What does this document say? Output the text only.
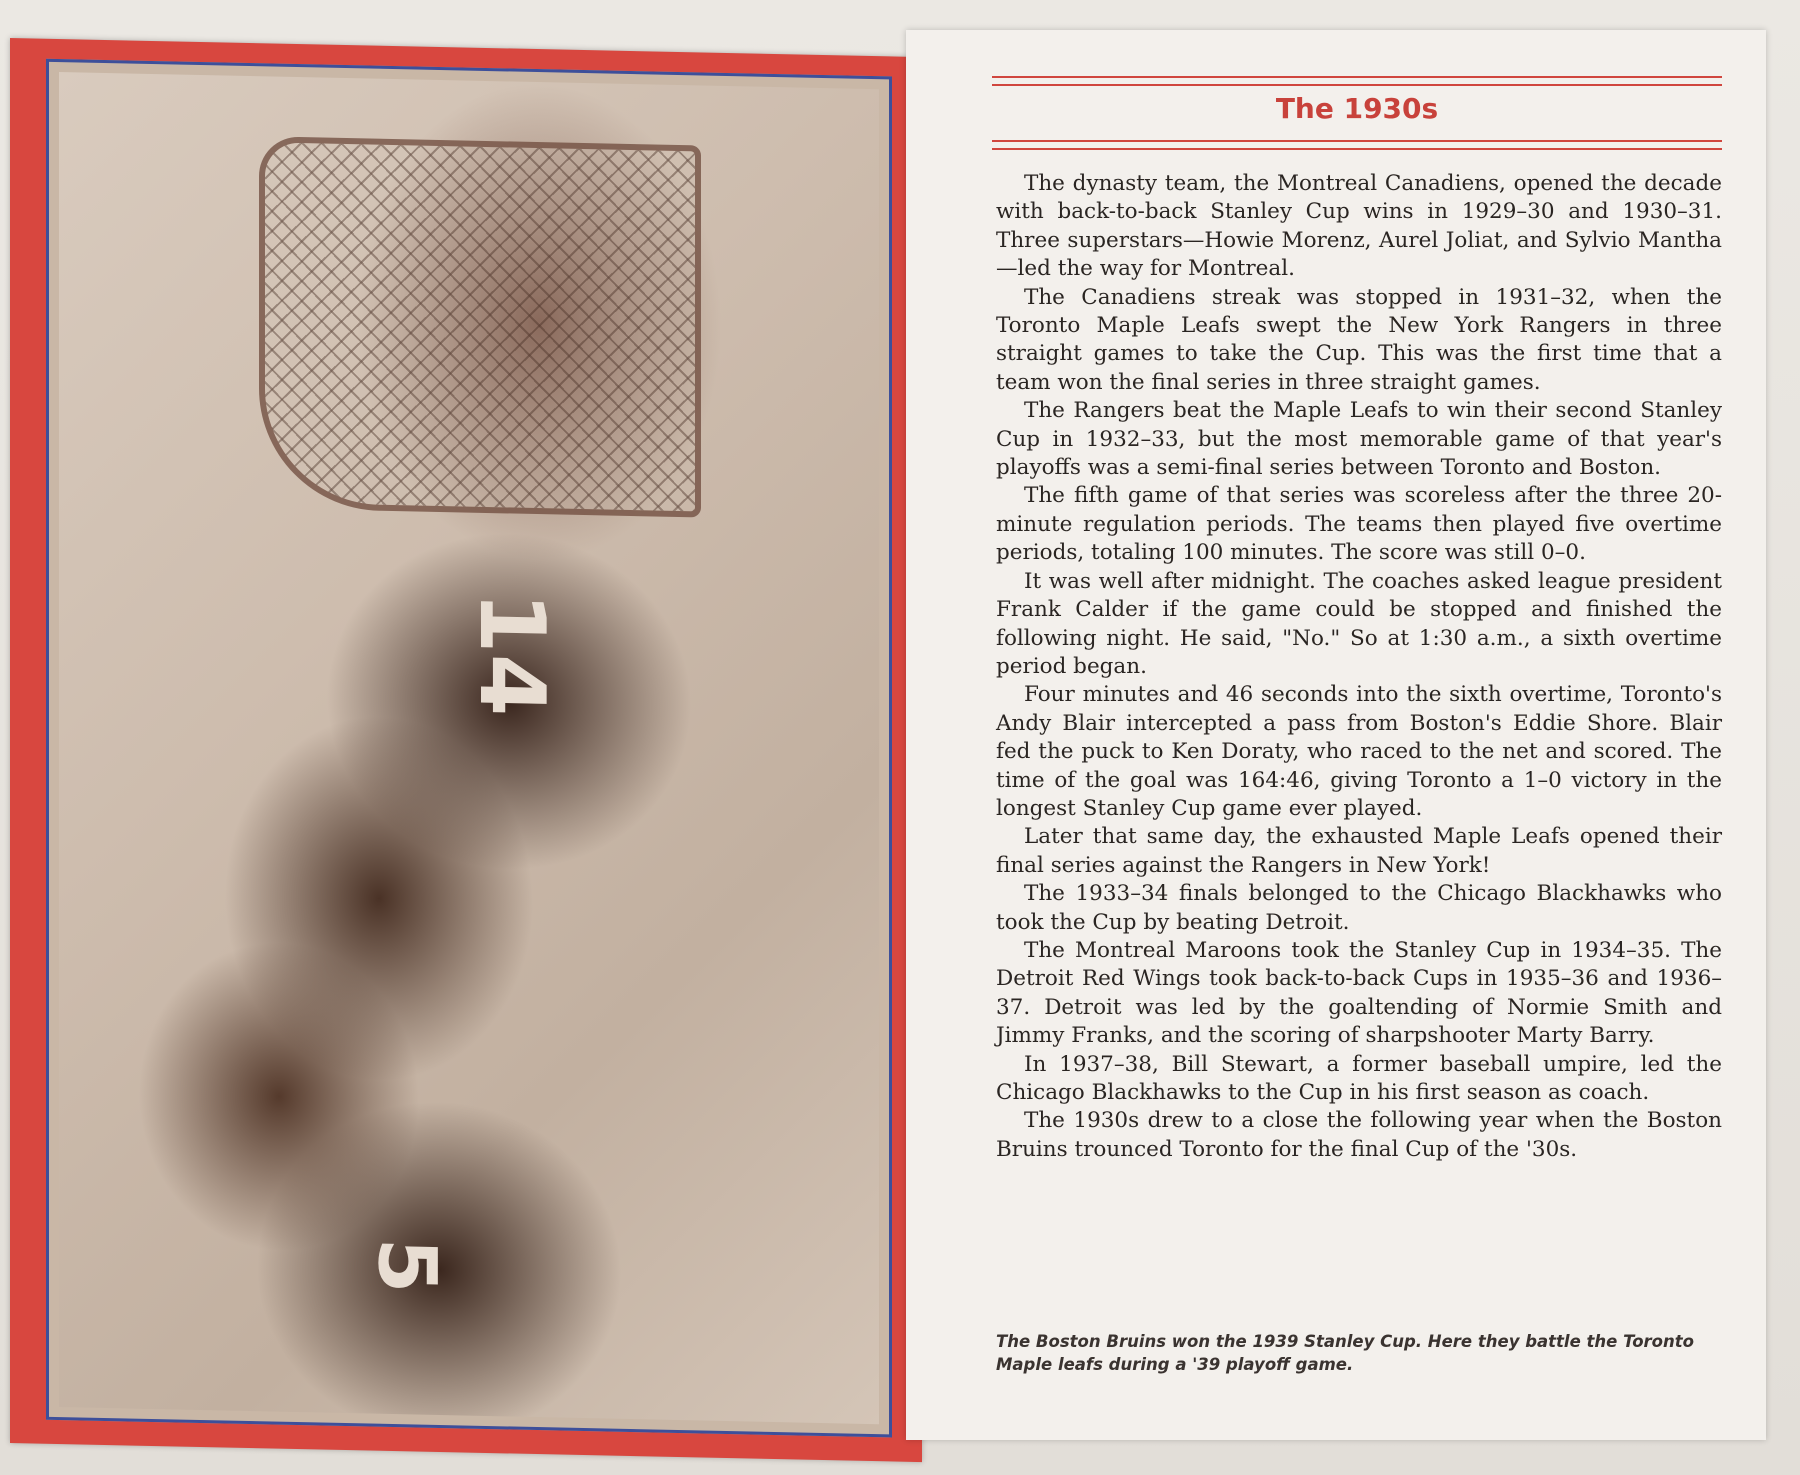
14
5
The 1930s

The dynasty team, the Montreal Canadiens, opened the decade with back-to-back Stanley Cup wins in 1929–30 and 1930–31. Three superstars—Howie Morenz, Aurel Joliat, and Sylvio Mantha—led the way for Montreal.

The Canadiens streak was stopped in 1931–32, when the Toronto Maple Leafs swept the New York Rangers in three straight games to take the Cup. This was the first time that a team won the final series in three straight games.

The Rangers beat the Maple Leafs to win their second Stanley Cup in 1932–33, but the most memorable game of that year's playoffs was a semi-final series between Toronto and Boston.

The fifth game of that series was scoreless after the three 20-minute regulation periods. The teams then played five overtime periods, totaling 100 minutes. The score was still 0–0.

It was well after midnight. The coaches asked league president Frank Calder if the game could be stopped and finished the following night. He said, "No." So at 1:30 a.m., a sixth overtime period began.

Four minutes and 46 seconds into the sixth overtime, Toronto's Andy Blair intercepted a pass from Boston's Eddie Shore. Blair fed the puck to Ken Doraty, who raced to the net and scored. The time of the goal was 164:46, giving Toronto a 1–0 victory in the longest Stanley Cup game ever played.

Later that same day, the exhausted Maple Leafs opened their final series against the Rangers in New York!

The 1933–34 finals belonged to the Chicago Blackhawks who took the Cup by beating Detroit.

The Montreal Maroons took the Stanley Cup in 1934–35. The Detroit Red Wings took back-to-back Cups in 1935–36 and 1936–37. Detroit was led by the goaltending of Normie Smith and Jimmy Franks, and the scoring of sharpshooter Marty Barry.

In 1937–38, Bill Stewart, a former baseball umpire, led the Chicago Blackhawks to the Cup in his first season as coach.

The 1930s drew to a close the following year when the Boston Bruins trounced Toronto for the final Cup of the '30s.

The Boston Bruins won the 1939 Stanley Cup. Here they battle the Toronto Maple leafs during a '39 playoff game.
